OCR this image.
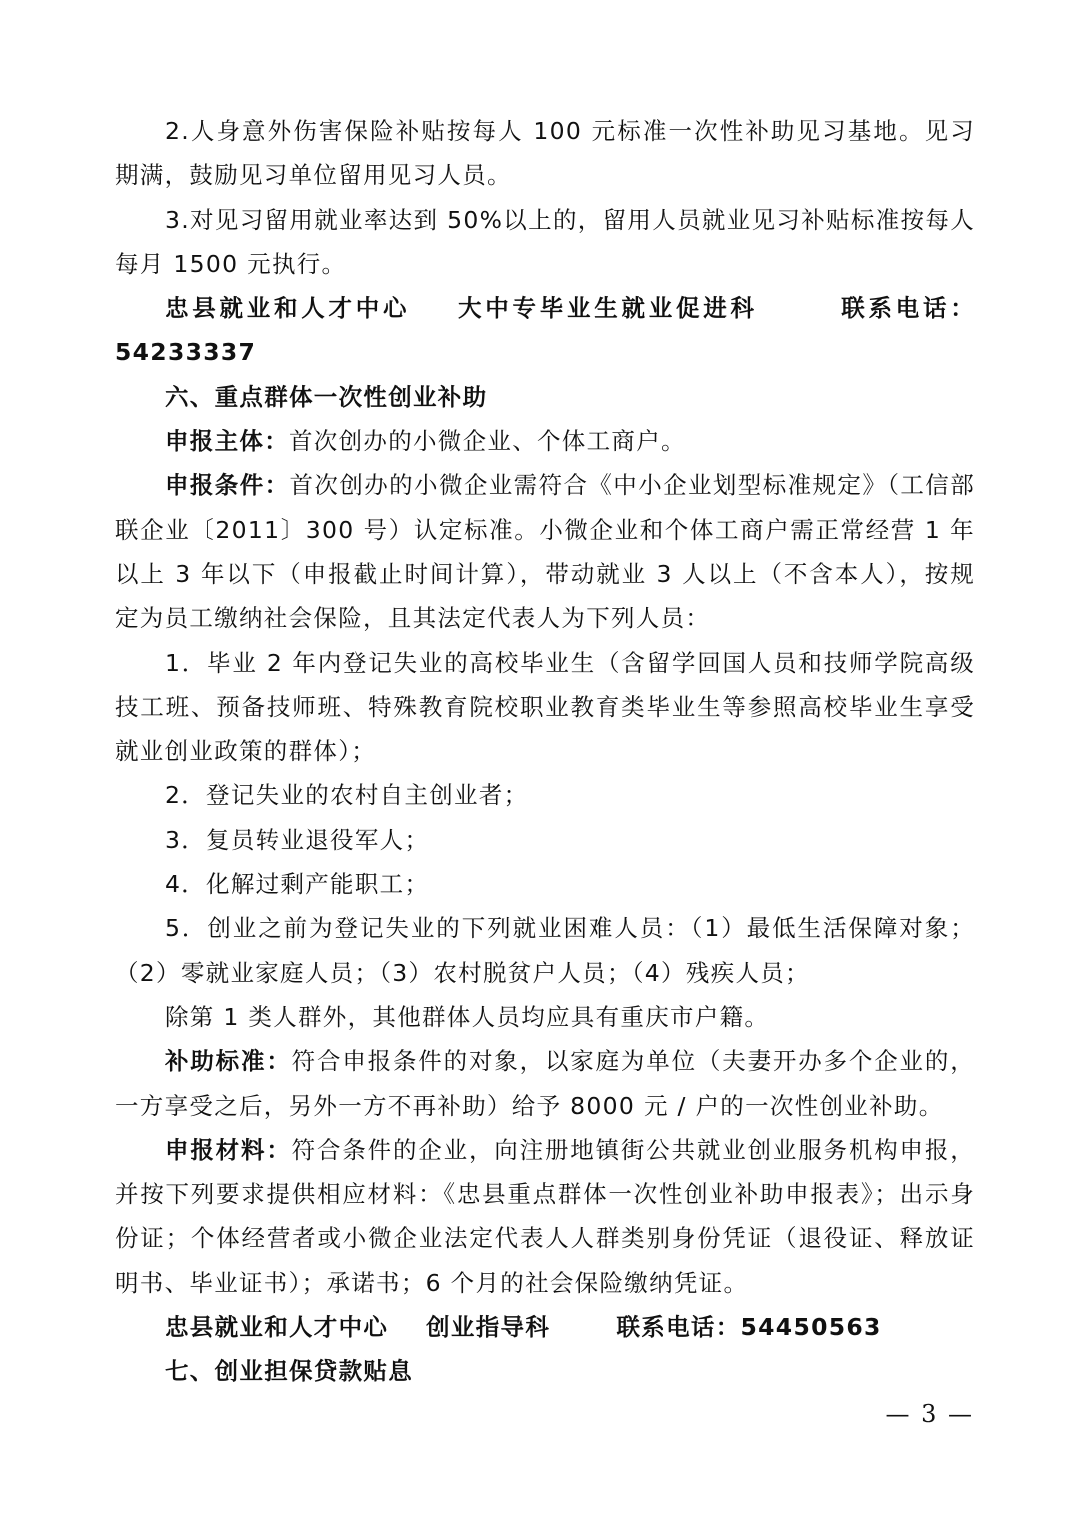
2.人身意外伤害保险补贴按每人 100 元标准一次性补助见习基地。见习期满，鼓励见习单位留用见习人员。

3.对见习留用就业率达到 50%以上的，留用人员就业见习补贴标准按每人每月 1500 元执行。

忠县就业和人才中心    大中专毕业生就业促进科       联系电话：54233337

六、重点群体一次性创业补助

申报主体：首次创办的小微企业、个体工商户。

申报条件：首次创办的小微企业需符合《中小企业划型标准规定》（工信部联企业〔2011〕300 号）认定标准。小微企业和个体工商户需正常经营 1 年以上 3 年以下（申报截止时间计算），带动就业 3 人以上（不含本人），按规定为员工缴纳社会保险，且其法定代表人为下列人员：

1．毕业 2 年内登记失业的高校毕业生（含留学回国人员和技师学院高级技工班、预备技师班、特殊教育院校职业教育类毕业生等参照高校毕业生享受就业创业政策的群体）；

2．登记失业的农村自主创业者；

3．复员转业退役军人；

4．化解过剩产能职工；

5．创业之前为登记失业的下列就业困难人员：（1）最低生活保障对象；（2）零就业家庭人员；（3）农村脱贫户人员；（4）残疾人员；

除第 1 类人群外，其他群体人员均应具有重庆市户籍。

补助标准：符合申报条件的对象，以家庭为单位（夫妻开办多个企业的，一方享受之后，另外一方不再补助）给予 8000 元 / 户的一次性创业补助。

申报材料：符合条件的企业，向注册地镇街公共就业创业服务机构申报，并按下列要求提供相应材料：《忠县重点群体一次性创业补助申报表》；出示身份证；个体经营者或小微企业法定代表人人群类别身份凭证（退役证、释放证明书、毕业证书）；承诺书；6 个月的社会保险缴纳凭证。

忠县就业和人才中心    创业指导科       联系电话：54450563

七、创业担保贷款贴息

— 3 —
